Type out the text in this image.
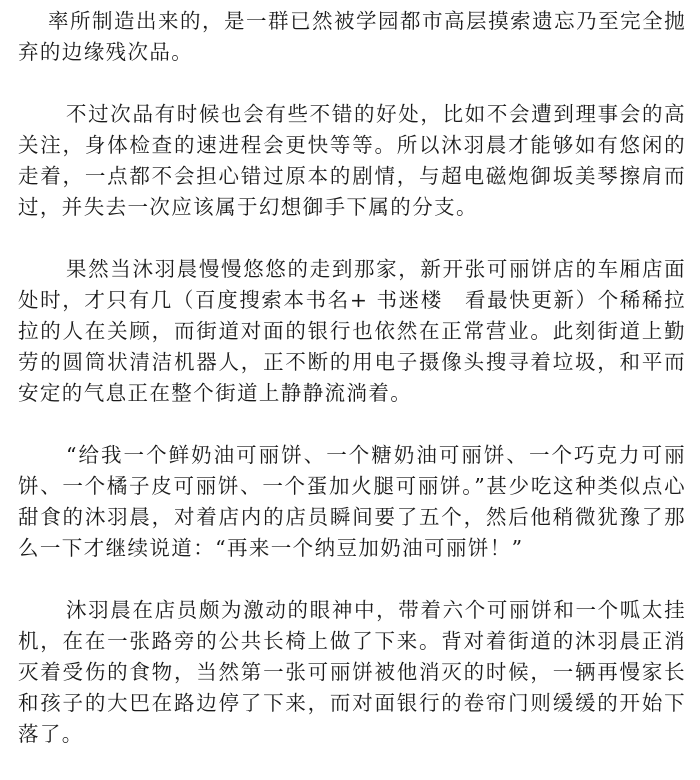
率所制造出来的，是一群已然被学园都市高层摸索遗忘乃至完全抛弃的边缘残次品。

不过次品有时候也会有些不错的好处，比如不会遭到理事会的高关注，身体检查的速进程会更快等等。所以沐羽晨才能够如有悠闲的走着，一点都不会担心错过原本的剧情，与超电磁炮御坂美琴擦肩而过，并失去一次应该属于幻想御手下属的分支。

果然当沐羽晨慢慢悠悠的走到那家，新开张可丽饼店的车厢店面处时，才只有几（百度搜索本书名+ 书迷楼　看最快更新）个稀稀拉拉的人在关顾，而街道对面的银行也依然在正常营业。此刻街道上勤劳的圆筒状清洁机器人，正不断的用电子摄像头搜寻着垃圾，和平而安定的气息正在整个街道上静静流淌着。

“给我一个鲜奶油可丽饼、一个糖奶油可丽饼、一个巧克力可丽饼、一个橘子皮可丽饼、一个蛋加火腿可丽饼。”甚少吃这种类似点心甜食的沐羽晨，对着店内的店员瞬间要了五个，然后他稍微犹豫了那么一下才继续说道：“再来一个纳豆加奶油可丽饼！”

沐羽晨在店员颇为激动的眼神中，带着六个可丽饼和一个呱太挂机，在在一张路旁的公共长椅上做了下来。背对着街道的沐羽晨正消灭着受伤的食物，当然第一张可丽饼被他消灭的时候，一辆再慢家长和孩子的大巴在路边停了下来，而对面银行的卷帘门则缓缓的开始下落了。
